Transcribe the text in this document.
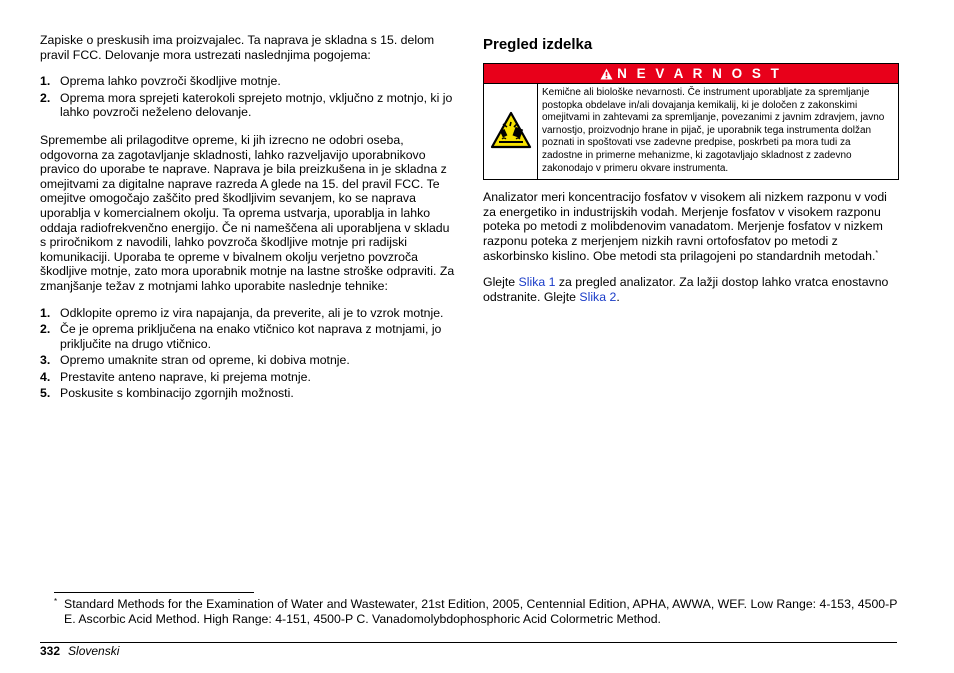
Zapiske o preskusih ima proizvajalec. Ta naprava je skladna s 15. delom pravil FCC. Delovanje mora ustrezati naslednjima pogojema:

1. Oprema lahko povzroči škodljive motnje.
2. Oprema mora sprejeti katerokoli sprejeto motnjo, vključno z motnjo, ki jo lahko povzroči neželeno delovanje.

Spremembe ali prilagoditve opreme, ki jih izrecno ne odobri oseba, odgovorna za zagotavljanje skladnosti, lahko razveljavijo uporabnikovo pravico do uporabe te naprave. Naprava je bila preizkušena in je skladna z omejitvami za digitalne naprave razreda A glede na 15. del pravil FCC. Te omejitve omogočajo zaščito pred škodljivim sevanjem, ko se naprava uporablja v komercialnem okolju. Ta oprema ustvarja, uporablja in lahko oddaja radiofrekvenčno energijo. Če ni nameščena ali uporabljena v skladu s priročnikom z navodili, lahko povzroča škodljive motnje pri radijski komunikaciji. Uporaba te opreme v bivalnem okolju verjetno povzroča škodljive motnje, zato mora uporabnik motnje na lastne stroške odpraviti. Za zmanjšanje težav z motnjami lahko uporabite naslednje tehnike:

1. Odklopite opremo iz vira napajanja, da preverite, ali je to vzrok motnje.
2. Če je oprema priključena na enako vtičnico kot naprava z motnjami, jo priključite na drugo vtičnico.
3. Opremo umaknite stran od opreme, ki dobiva motnje.
4. Prestavite anteno naprave, ki prejema motnje.
5. Poskusite s kombinacijo zgornjih možnosti.
Pregled izdelka
N E V A R N O S T
Kemične ali biološke nevarnosti. Če instrument uporabljate za spremljanje postopka obdelave in/ali dovajanja kemikalij, ki je določen z zakonskimi omejitvami in zahtevami za spremljanje, povezanimi z javnim zdravjem, javno varnostjo, proizvodnjo hrane in pijač, je uporabnik tega instrumenta dolžan poznati in spoštovati vse zadevne predpise, poskrbeti pa mora tudi za zadostne in primerne mehanizme, ki zagotavljajo skladnost z zadevno zakonodajo v primeru okvare instrumenta.

Analizator meri koncentracijo fosfatov v visokem ali nizkem razponu v vodi za energetiko in industrijskih vodah. Merjenje fosfatov v visokem razponu poteka po metodi z molibdenovim vanadatom. Merjenje fosfatov v nizkem razponu poteka z merjenjem nizkih ravni ortofosfatov po metodi z askorbinsko kislino. Obe metodi sta prilagojeni po standardnih metodah.*

Glejte Slika 1 za pregled analizator. Za lažji dostop lahko vratca enostavno odstranite. Glejte Slika 2.

* Standard Methods for the Examination of Water and Wastewater, 21st Edition, 2005, Centennial Edition, APHA, AWWA, WEF. Low Range: 4-153, 4500-P E. Ascorbic Acid Method. High Range: 4-151, 4500-P C. Vanadomolybdophosphoric Acid Colormetric Method.
332 Slovenski
